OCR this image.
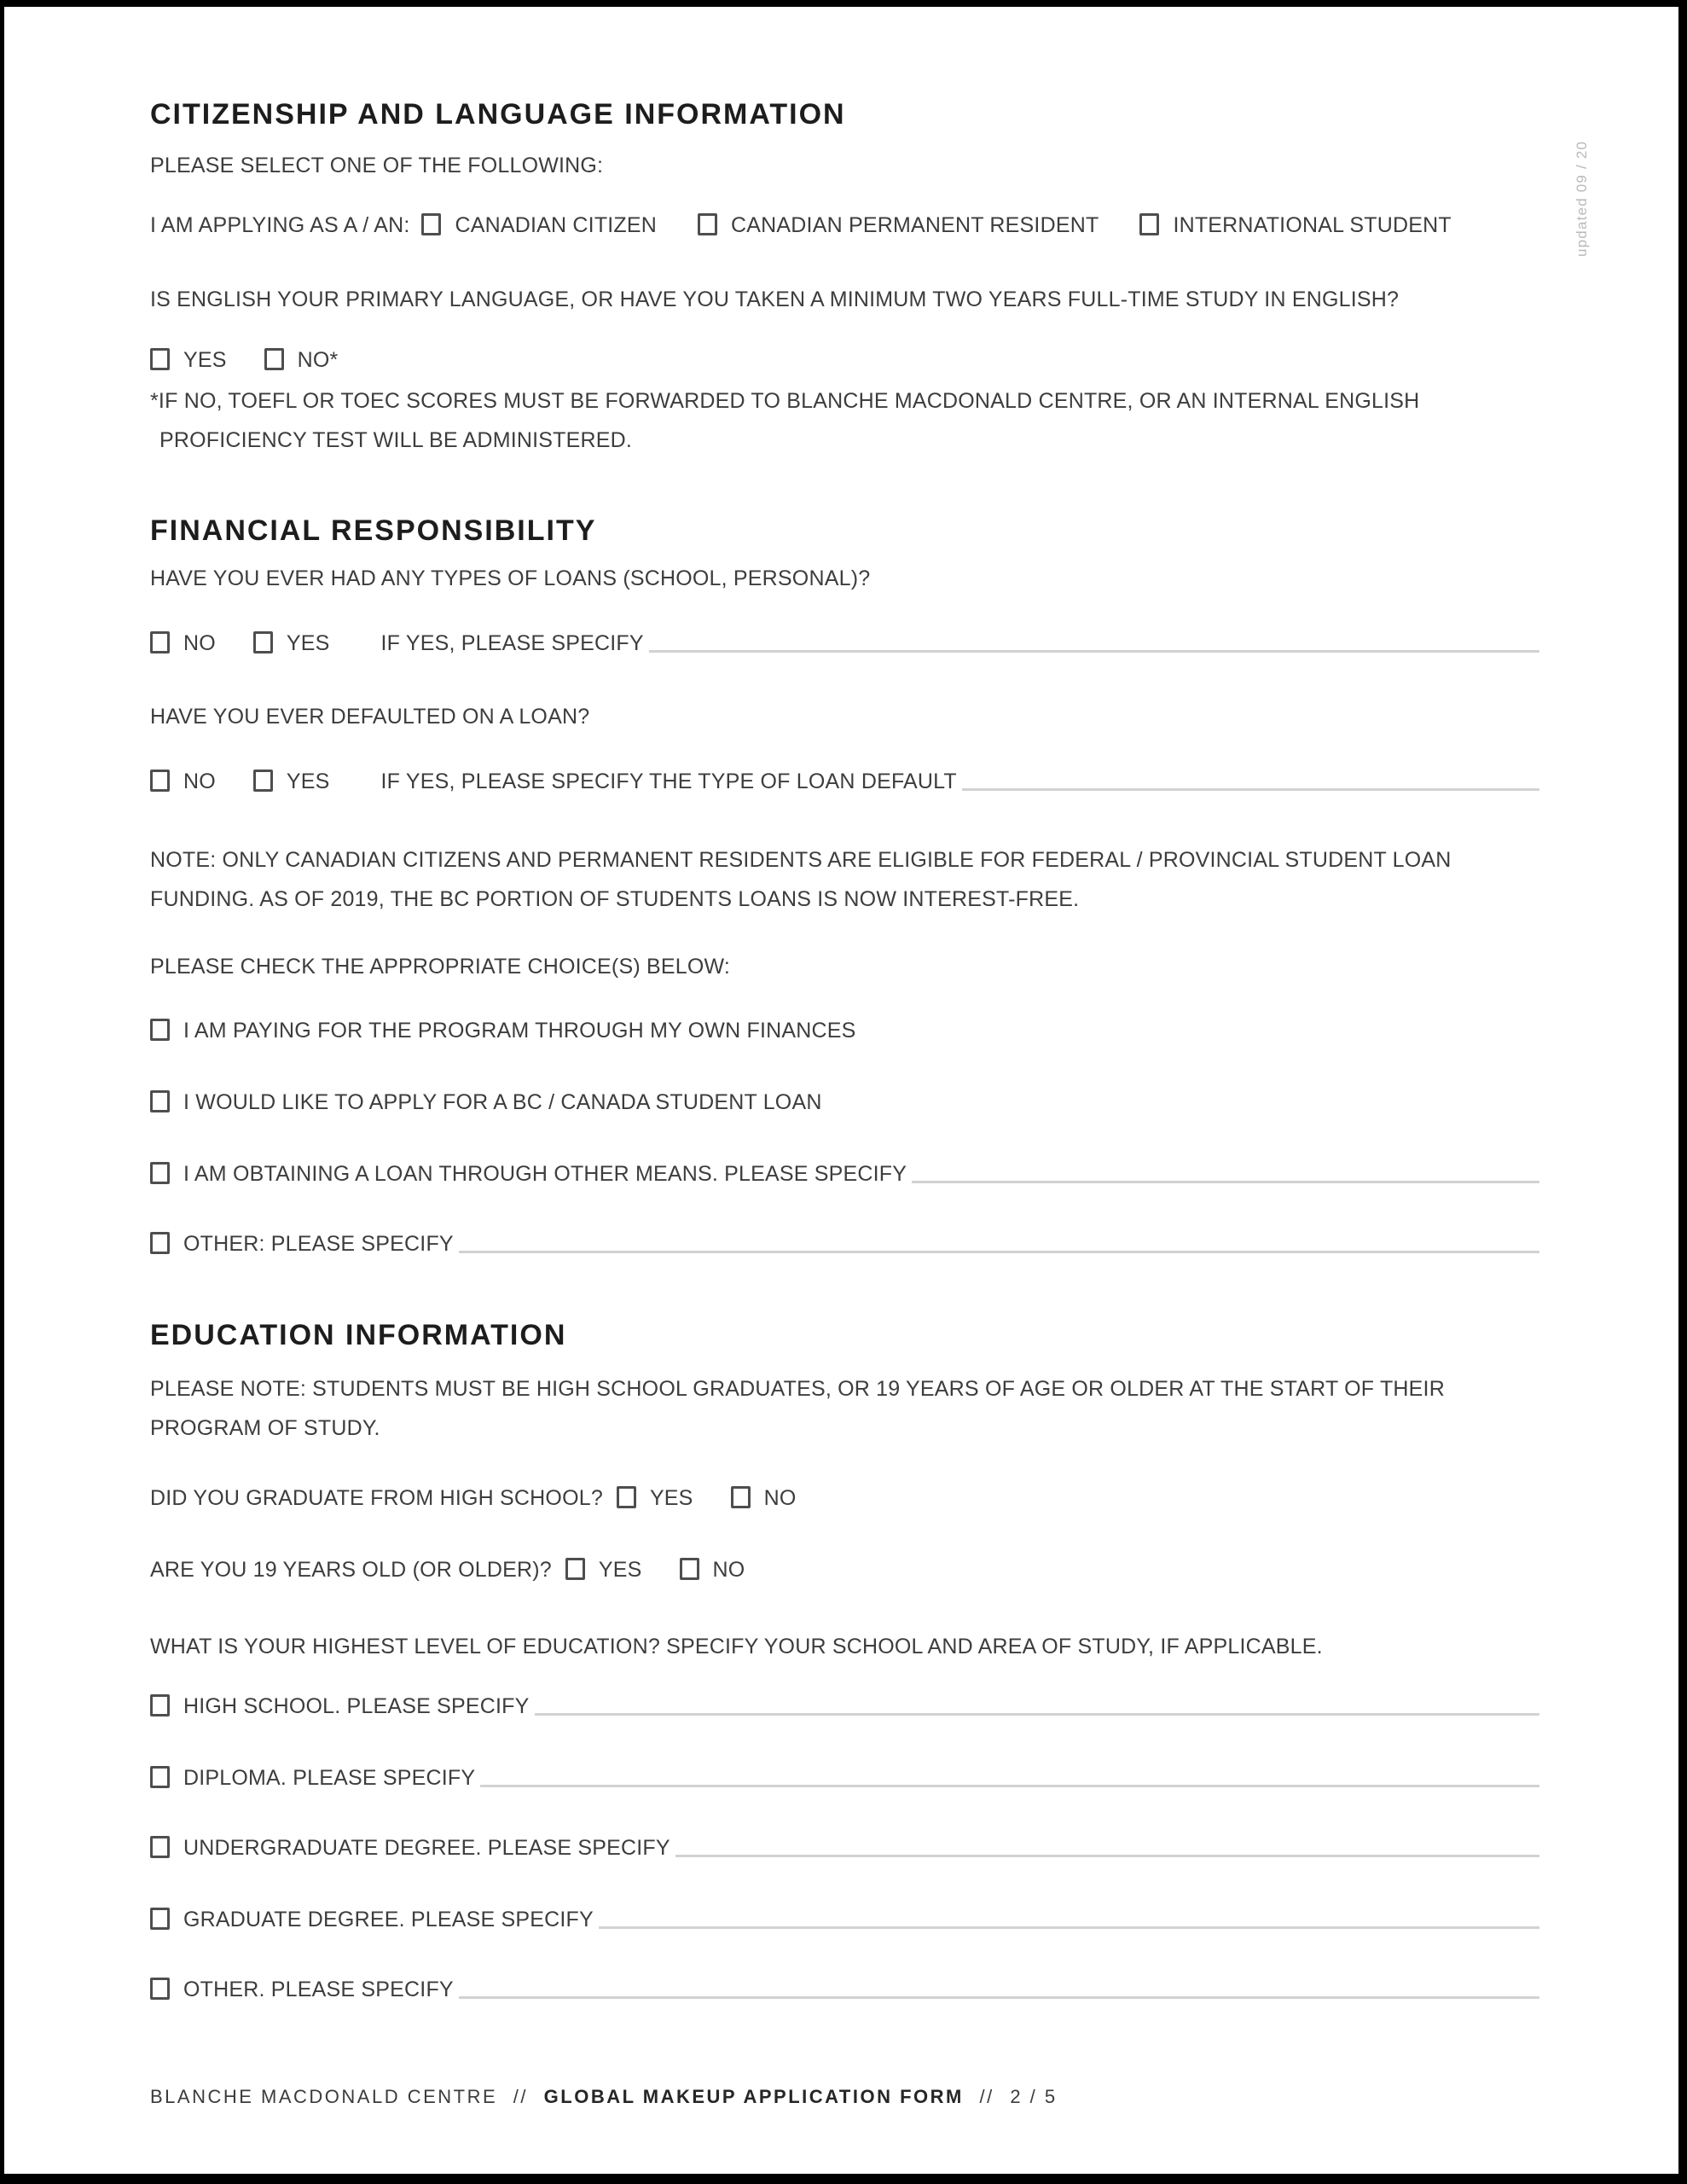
updated 09 / 20
CITIZENSHIP AND LANGUAGE INFORMATION
PLEASE SELECT ONE OF THE FOLLOWING:
I AM APPLYING AS A / AN: CANADIAN CITIZEN	CANADIAN PERMANENT RESIDENT	INTERNATIONAL STUDENT
IS ENGLISH YOUR PRIMARY LANGUAGE, OR HAVE YOU TAKEN A MINIMUM TWO YEARS FULL-TIME STUDY IN ENGLISH?
YES	NO*
*IF NO, TOEFL OR TOEC SCORES MUST BE FORWARDED TO BLANCHE MACDONALD CENTRE, OR AN INTERNAL ENGLISH
PROFICIENCY TEST WILL BE ADMINISTERED.
FINANCIAL RESPONSIBILITY
HAVE YOU EVER HAD ANY TYPES OF LOANS (SCHOOL, PERSONAL)?
NO	YES IF YES, PLEASE SPECIFY
HAVE YOU EVER DEFAULTED ON A LOAN?
NO	YES IF YES, PLEASE SPECIFY THE TYPE OF LOAN DEFAULT
NOTE: ONLY CANADIAN CITIZENS AND PERMANENT RESIDENTS ARE ELIGIBLE FOR FEDERAL / PROVINCIAL STUDENT LOAN
FUNDING. AS OF 2019, THE BC PORTION OF STUDENTS LOANS IS NOW INTEREST-FREE.
PLEASE CHECK THE APPROPRIATE CHOICE(S) BELOW:
I AM PAYING FOR THE PROGRAM THROUGH MY OWN FINANCES
I WOULD LIKE TO APPLY FOR A BC / CANADA STUDENT LOAN
I AM OBTAINING A LOAN THROUGH OTHER MEANS. PLEASE SPECIFY
OTHER: PLEASE SPECIFY
EDUCATION INFORMATION
PLEASE NOTE: STUDENTS MUST BE HIGH SCHOOL GRADUATES, OR 19 YEARS OF AGE OR OLDER AT THE START OF THEIR
PROGRAM OF STUDY.
DID YOU GRADUATE FROM HIGH SCHOOL? YES	NO
ARE YOU 19 YEARS OLD (OR OLDER)? YES	NO
WHAT IS YOUR HIGHEST LEVEL OF EDUCATION? SPECIFY YOUR SCHOOL AND AREA OF STUDY, IF APPLICABLE.
HIGH SCHOOL. PLEASE SPECIFY
DIPLOMA. PLEASE SPECIFY
UNDERGRADUATE DEGREE. PLEASE SPECIFY
GRADUATE DEGREE. PLEASE SPECIFY
OTHER. PLEASE SPECIFY
BLANCHE MACDONALD CENTRE // GLOBAL MAKEUP APPLICATION FORM // 2 / 5
